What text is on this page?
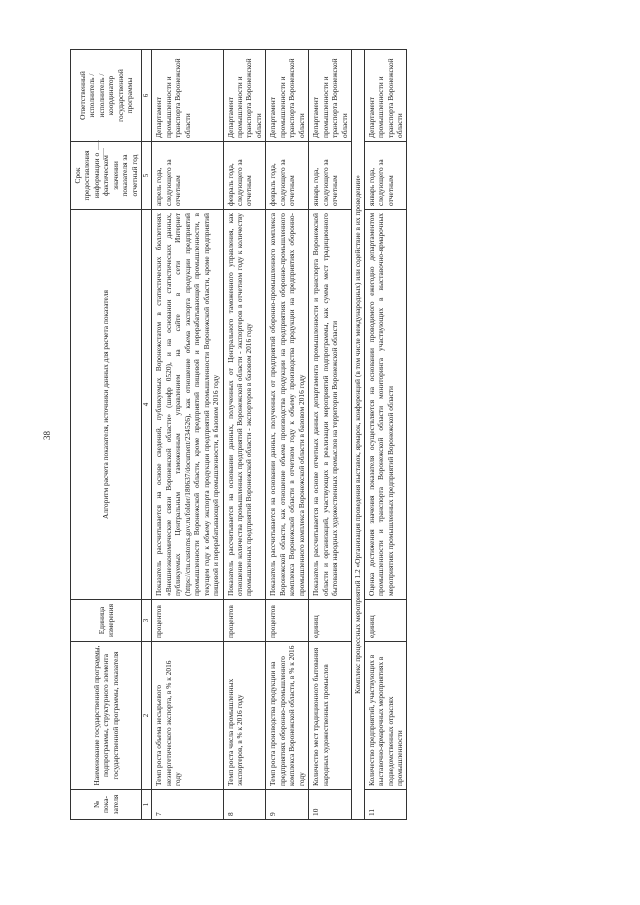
38
№ пока-зателя	Наименование государственной программы, подпрограммы, структурного элемента государственной программы, показателя	Единица измерения	Алгоритм расчета показателя, источники данных для расчета показателя	Срок предоставления информации о фактическом значении показателя за отчетный год	Ответственный исполнитель / исполнитель / координатор государственной программы
1	2	3	4	5	6
7	Темп роста объема несырьевого неэнергетического экспорта, в % к 2016 году	процентов	Показатель рассчитывается на основе сведений, публикуемых Воронежстатом в статистических бюллетенях «Внешнеэкономические связи Воронежской области» (шифр 0520), и на основании статистических данных, публикуемых Центральным таможенным управлением на сайте в сети Интернет (https://ctu.customs.gov.ru/folder/180637/document/234526), как отношение объема экспорта продукции предприятий промышленности Воронежской области, кроме предприятий пищевой и перерабатывающей промышленности, в текущем году к объему экспорта продукции предприятий промышленности Воронежской области, кроме предприятий пищевой и перерабатывающей промышленности, в базовом 2016 году	апрель года, следующего за отчетным	Департамент промышленности и транспорта Воронежской области
8	Темп роста числа промышленных экспортеров, в % к 2016 году	процентов	Показатель рассчитывается на основании данных, полученных от Центрального таможенного управления, как отношение количества промышленных предприятий Воронежской области - экспортеров в отчетном году к количеству промышленных предприятий Воронежской области - экспортеров в базовом 2016 году	февраль года, следующего за отчетным	Департамент промышленности и транспорта Воронежской области
9	Темп роста производства продукции на предприятиях оборонно-промышленного комплекса Воронежской области, в % к 2016 году	процентов	Показатель рассчитывается на основании данных, полученных от предприятий оборонно-промышленного комплекса Воронежской области, как отношение объема производства продукции на предприятиях оборонно-промышленного комплекса Воронежской области в отчетном году к объему производства продукции на предприятиях оборонно-промышленного комплекса Воронежской области в базовом 2016 году	февраль года, следующего за отчетным	Департамент промышленности и транспорта Воронежской области
10	Количество мест традиционного бытования народных художественных промыслов	единиц	Показатель рассчитывается на основе отчетных данных департамента промышленности и транспорта Воронежской области и организаций, участвующих в реализации мероприятий подпрограммы, как сумма мест традиционного бытования народных художественных промыслов на территории Воронежской области	январь года, следующего за отчетным	Департамент промышленности и транспорта Воронежской области
Комплекс процессных мероприятий 1.2 «Организация проведения выставок, ярмарок, конференций (в том числе международных) или содействие в их проведении»					
11	Количество предприятий, участвующих в выставочно-ярмарочных мероприятиях в подведомственных отраслях промышленности	единиц	Оценка достижения значения показателя осуществляется на основании проводимого ежегодно департаментом промышленности и транспорта Воронежской области мониторинга участвующих в выставочно-ярмарочных мероприятиях промышленных предприятий Воронежской области	январь года, следующего за отчетным	Департамент промышленности и транспорта Воронежской области
